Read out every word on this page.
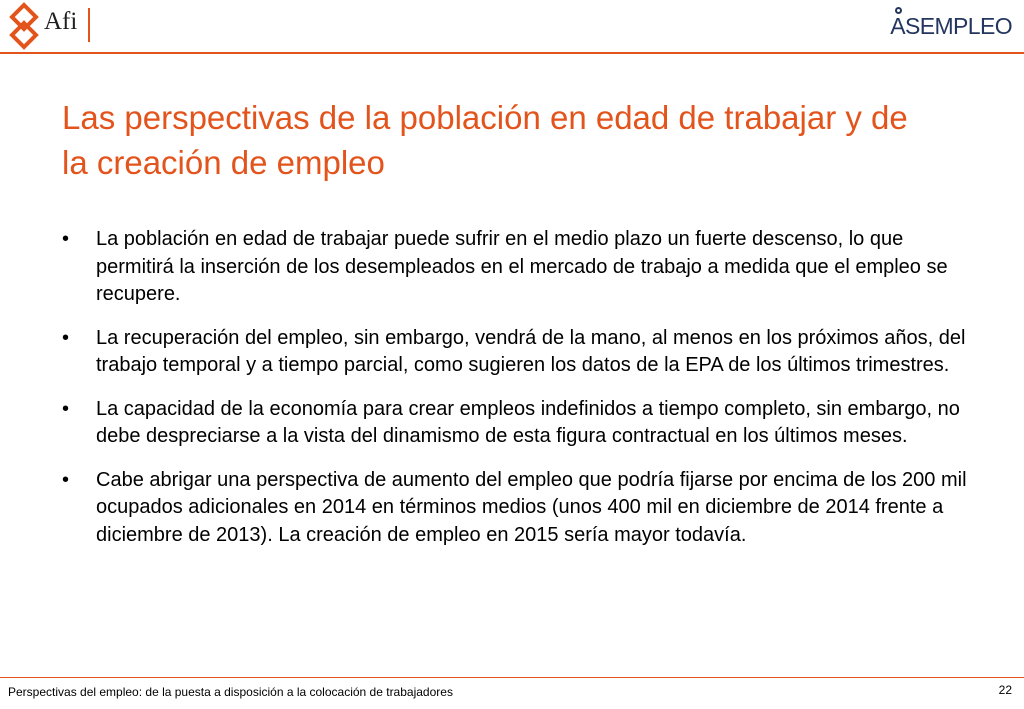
Afi	ASEMPLEO
Las perspectivas de la población en edad de trabajar y de la creación de empleo
• La población en edad de trabajar puede sufrir en el medio plazo un fuerte descenso, lo que permitirá la inserción de los desempleados en el mercado de trabajo a medida que el empleo se recupere.
• La recuperación del empleo, sin embargo, vendrá de la mano, al menos en los próximos años, del trabajo temporal y a tiempo parcial, como sugieren los datos de la EPA de los últimos trimestres.
• La capacidad de la economía para crear empleos indefinidos a tiempo completo, sin embargo, no debe despreciarse a la vista del dinamismo de esta figura contractual en los últimos meses.
• Cabe abrigar una perspectiva de aumento del empleo que podría fijarse por encima de los 200 mil ocupados adicionales en 2014 en términos medios (unos 400 mil en diciembre de 2014 frente a diciembre de 2013). La creación de empleo en 2015 sería mayor todavía.
Perspectivas del empleo: de la puesta a disposición a la colocación de trabajadores	22
